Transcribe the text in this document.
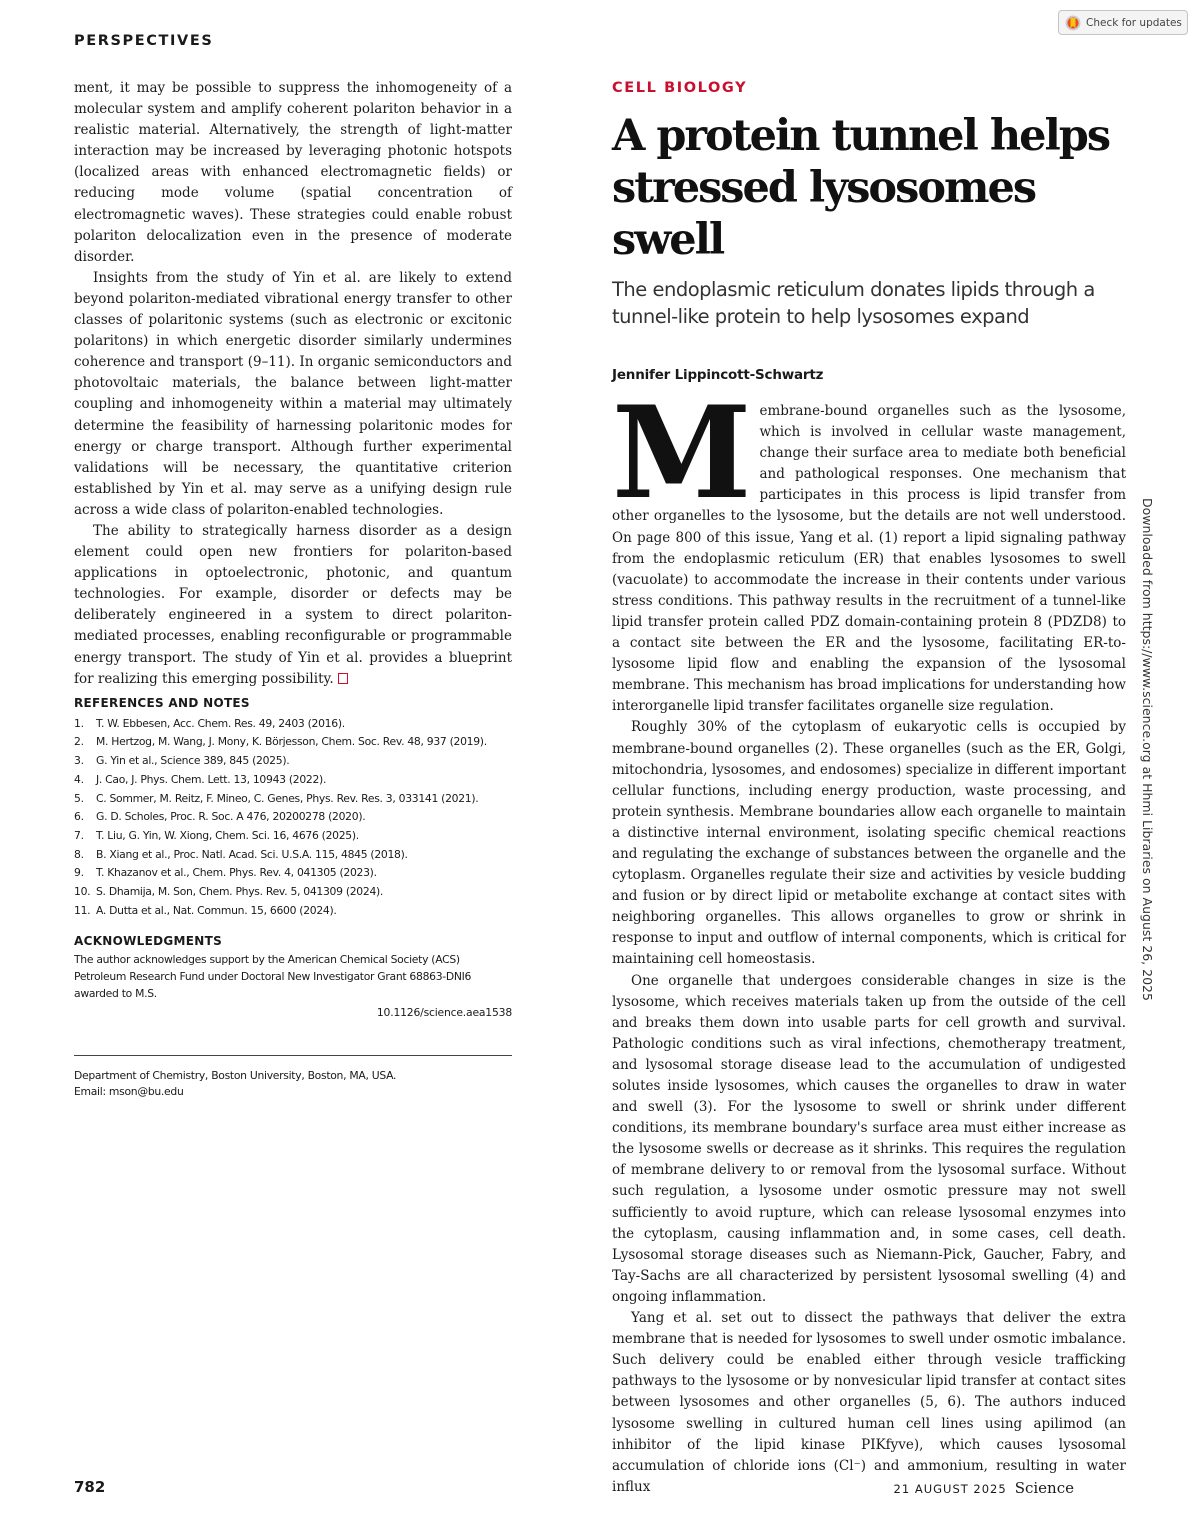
PERSPECTIVES
Check for updates

ment, it may be possible to suppress the inhomogeneity of a molecular system and amplify coherent polariton behavior in a realistic material. Alternatively, the strength of light-matter interaction may be increased by leveraging photonic hotspots (localized areas with enhanced electromagnetic fields) or reducing mode volume (spatial concentration of electromagnetic waves). These strategies could enable robust polariton delocalization even in the presence of moderate disorder.

Insights from the study of Yin et al. are likely to extend beyond polariton-mediated vibrational energy transfer to other classes of polaritonic systems (such as electronic or excitonic polaritons) in which energetic disorder similarly undermines coherence and transport (9–11). In organic semiconductors and photovoltaic materials, the balance between light-matter coupling and inhomogeneity within a material may ultimately determine the feasibility of harnessing polaritonic modes for energy or charge transport. Although further experimental validations will be necessary, the quantitative criterion established by Yin et al. may serve as a unifying design rule across a wide class of polariton-enabled technologies.

The ability to strategically harness disorder as a design element could open new frontiers for polariton-based applications in optoelectronic, photonic, and quantum technologies. For example, disorder or defects may be deliberately engineered in a system to direct polariton-mediated processes, enabling reconfigurable or programmable energy transport. The study of Yin et al. provides a blueprint for realizing this emerging possibility.

REFERENCES AND NOTES
1.	T. W. Ebbesen, Acc. Chem. Res. 49, 2403 (2016).
2.	M. Hertzog, M. Wang, J. Mony, K. Börjesson, Chem. Soc. Rev. 48, 937 (2019).
3.	G. Yin et al., Science 389, 845 (2025).
4.	J. Cao, J. Phys. Chem. Lett. 13, 10943 (2022).
5.	C. Sommer, M. Reitz, F. Mineo, C. Genes, Phys. Rev. Res. 3, 033141 (2021).
6.	G. D. Scholes, Proc. R. Soc. A 476, 20200278 (2020).
7.	T. Liu, G. Yin, W. Xiong, Chem. Sci. 16, 4676 (2025).
8.	B. Xiang et al., Proc. Natl. Acad. Sci. U.S.A. 115, 4845 (2018).
9.	T. Khazanov et al., Chem. Phys. Rev. 4, 041305 (2023).
10. S. Dhamija, M. Son, Chem. Phys. Rev. 5, 041309 (2024).
11. A. Dutta et al., Nat. Commun. 15, 6600 (2024).
ACKNOWLEDGMENTS
The author acknowledges support by the American Chemical Society (ACS) Petroleum Research Fund under Doctoral New Investigator Grant 68863-DNI6 awarded to M.S.
10.1126/science.aea1538
Department of Chemistry, Boston University, Boston, MA, USA.
Email: mson@bu.edu
CELL BIOLOGY
A protein tunnel helps stressed lysosomes swell
The endoplasmic reticulum donates lipids through a tunnel-like protein to help lysosomes expand
Jennifer Lippincott-Schwartz

Membrane-bound organelles such as the lysosome, which is involved in cellular waste management, change their surface area to mediate both beneficial and pathological responses. One mechanism that participates in this process is lipid transfer from other organelles to the lysosome, but the details are not well understood. On page 800 of this issue, Yang et al. (1) report a lipid signaling pathway from the endoplasmic reticulum (ER) that enables lysosomes to swell (vacuolate) to accommodate the increase in their contents under various stress conditions. This pathway results in the recruitment of a tunnel-like lipid transfer protein called PDZ domain-containing protein 8 (PDZD8) to a contact site between the ER and the lysosome, facilitating ER-to-lysosome lipid flow and enabling the expansion of the lysosomal membrane. This mechanism has broad implications for understanding how interorganelle lipid transfer facilitates organelle size regulation.

Roughly 30% of the cytoplasm of eukaryotic cells is occupied by membrane-bound organelles (2). These organelles (such as the ER, Golgi, mitochondria, lysosomes, and endosomes) specialize in different important cellular functions, including energy production, waste processing, and protein synthesis. Membrane boundaries allow each organelle to maintain a distinctive internal environment, isolating specific chemical reactions and regulating the exchange of substances between the organelle and the cytoplasm. Organelles regulate their size and activities by vesicle budding and fusion or by direct lipid or metabolite exchange at contact sites with neighboring organelles. This allows organelles to grow or shrink in response to input and outflow of internal components, which is critical for maintaining cell homeostasis.

One organelle that undergoes considerable changes in size is the lysosome, which receives materials taken up from the outside of the cell and breaks them down into usable parts for cell growth and survival. Pathologic conditions such as viral infections, chemotherapy treatment, and lysosomal storage disease lead to the accumulation of undigested solutes inside lysosomes, which causes the organelles to draw in water and swell (3). For the lysosome to swell or shrink under different conditions, its membrane boundary's surface area must either increase as the lysosome swells or decrease as it shrinks. This requires the regulation of membrane delivery to or removal from the lysosomal surface. Without such regulation, a lysosome under osmotic pressure may not swell sufficiently to avoid rupture, which can release lysosomal enzymes into the cytoplasm, causing inflammation and, in some cases, cell death. Lysosomal storage diseases such as Niemann-Pick, Gaucher, Fabry, and Tay-Sachs are all characterized by persistent lysosomal swelling (4) and ongoing inflammation.

Yang et al. set out to dissect the pathways that deliver the extra membrane that is needed for lysosomes to swell under osmotic imbalance. Such delivery could be enabled either through vesicle trafficking pathways to the lysosome or by nonvesicular lipid transfer at contact sites between lysosomes and other organelles (5, 6). The authors induced lysosome swelling in cultured human cell lines using apilimod (an inhibitor of the lipid kinase PIKfyve), which causes lysosomal accumulation of chloride ions (Cl⁻) and ammonium, resulting in water influx

Downloaded from https://www.science.org at Hhmi Libraries on August 26, 2025
782	21 AUGUST 2025 Science
